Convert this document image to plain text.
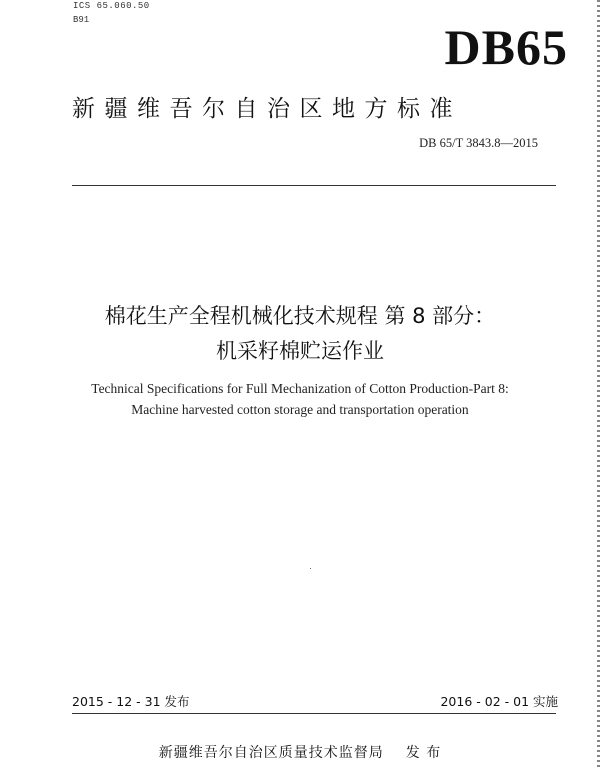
ICS 65.060.50
B91	DB65
新疆维吾尔自治区地方标准
DB 65/T 3843.8—2015
棉花生产全程机械化技术规程 第 8 部分：
机采籽棉贮运作业
Technical Specifications for Full Mechanization of Cotton Production-Part 8:
Machine harvested cotton storage and transportation operation
2015 - 12 - 31 发布	2016 - 02 - 01 实施
新疆维吾尔自治区质量技术监督局 发 布
